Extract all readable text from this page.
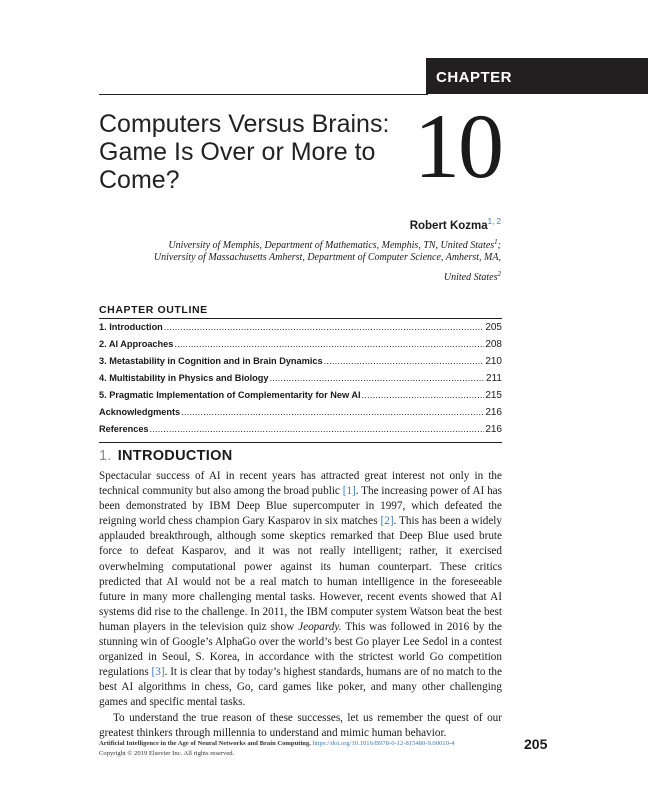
CHAPTER
Computers Versus Brains:
Game Is Over or More to
Come?	10
Robert Kozma$^{1, 2}$
University of Memphis, Department of Mathematics, Memphis, TN, United States$^1$;
University of Massachusetts Amherst, Department of Computer Science, Amherst, MA,
United States$^2$
CHAPTER OUTLINE
1. Introduction .....	205
2. AI Approaches .....	208
3. Metastability in Cognition and in Brain Dynamics .....	210
4. Multistability in Physics and Biology .....	211
5. Pragmatic Implementation of Complementarity for New AI .....	215
Acknowledgments .....	216
References .....	216
1. INTRODUCTION

Spectacular success of AI in recent years has attracted great interest not only in the technical community but also among the broad public [1]. The increasing power of AI has been demonstrated by IBM Deep Blue supercomputer in 1997, which defeated the reigning world chess champion Gary Kasparov in six matches [2]. This has been a widely applauded breakthrough, although some skeptics remarked that Deep Blue used brute force to defeat Kasparov, and it was not really intelligent; rather, it exercised overwhelming computational power against its human counterpart. These critics predicted that AI would not be a real match to human intelligence in the foreseeable future in many more challenging mental tasks. However, recent events showed that AI systems did rise to the challenge. In 2011, the IBM computer system Watson beat the best human players in the television quiz show Jeopardy. This was followed in 2016 by the stunning win of Google’s AlphaGo over the world’s best Go player Lee Sedol in a contest organized in Seoul, S. Korea, in accordance with the strictest world Go competition regulations [3]. It is clear that by today’s highest standards, humans are of no match to the best AI algorithms in chess, Go, card games like poker, and many other challenging games and specific mental tasks.

To understand the true reason of these successes, let us remember the quest of our greatest thinkers through millennia to understand and mimic human behavior.

Artificial Intelligence in the Age of Neural Networks and Brain Computing. https://doi.org/10.1016/B978-0-12-815480-9.00010-4
Copyright © 2019 Elsevier Inc. All rights reserved.
205
